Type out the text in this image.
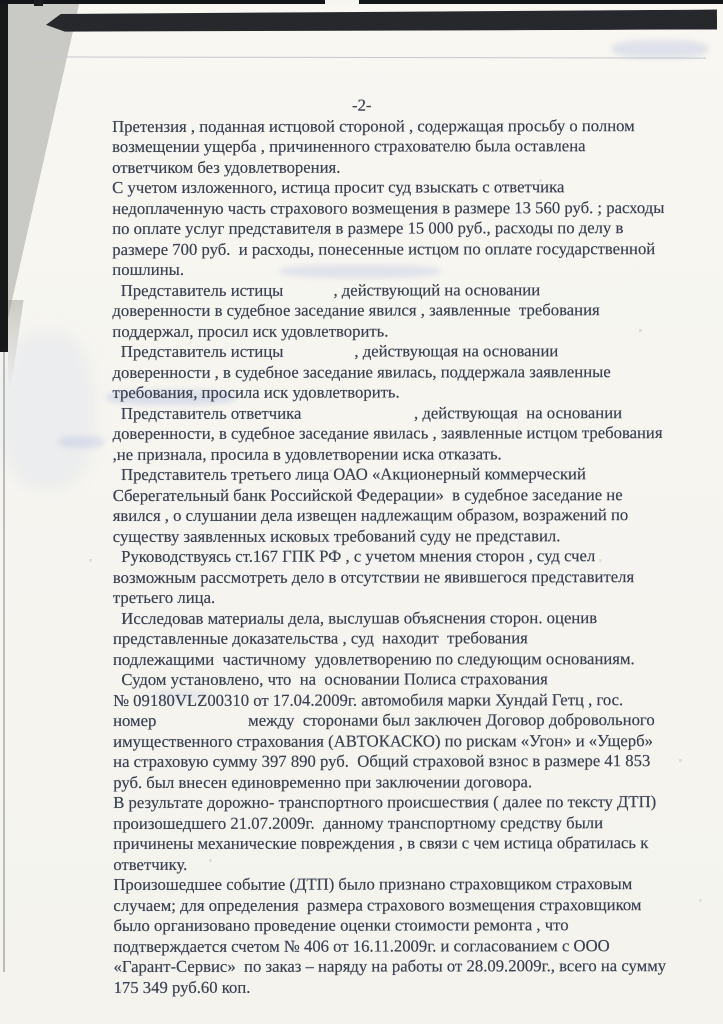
-2-

Претензия , поданная истцовой стороной , содержащая просьбу о полном
возмещении ущерба , причиненного страхователю была оставлена
ответчиком без удовлетворения.

С учетом изложенного, истица просит суд взыскать с ответчика
недоплаченную часть страхового возмещения в размере 13 560 руб. ; расходы
по оплате услуг представителя в размере 15 000 руб., расходы по делу в
размере 700 руб.  и расходы, понесенные истцом по оплате государственной
пошлины.

Представитель истицы            , действующий на основании
доверенности в судебное заседание явился , заявленные  требования
поддержал, просил иск удовлетворить.

Представитель истицы                 , действующая на основании
доверенности , в судебное заседание явилась, поддержала заявленные
требования, просила иск удовлетворить.

Представитель ответчика                           , действующая  на основании
доверенности, в судебное заседание явилась , заявленные истцом требования
,не признала, просила в удовлетворении иска отказать.

Представитель третьего лица ОАО «Акционерный коммерческий
Сберегательный банк Российской Федерации»  в судебное заседание не
явился , о слушании дела извещен надлежащим образом, возражений по
существу заявленных исковых требований суду не представил.

Руководствуясь ст.167 ГПК РФ , с учетом мнения сторон , суд счел
возможным рассмотреть дело в отсутствии не явившегося представителя
третьего лица.

Исследовав материалы дела, выслушав объяснения сторон. оценив
представленные доказательства , суд  находит  требования
подлежащими  частичному  удовлетворению по следующим основаниям.

Судом установлено, что  на  основании Полиса страхования
№ 09180VLZ00310 от 17.04.2009г. автомобиля марки Хундай Гетц , гос.
номер                      между  сторонами был заключен Договор добровольного
имущественного страхования (АВТОКАСКО) по рискам «Угон» и «Ущерб»
на страховую сумму 397 890 руб.  Общий страховой взнос в размере 41 853
руб. был внесен единовременно при заключении договора.

В результате дорожно- транспортного происшествия ( далее по тексту ДТП)
произошедшего 21.07.2009г.  данному транспортному средству были
причинены механические повреждения , в связи с чем истица обратилась к
ответчику.

Произошедшее событие (ДТП) было признано страховщиком страховым
случаем; для определения  размера страхового возмещения страховщиком
было организовано проведение оценки стоимости ремонта , что
подтверждается счетом № 406 от 16.11.2009г. и согласованием с ООО
«Гарант-Сервис»  по заказ – наряду на работы от 28.09.2009г., всего на сумму
175 349 руб.60 коп.
